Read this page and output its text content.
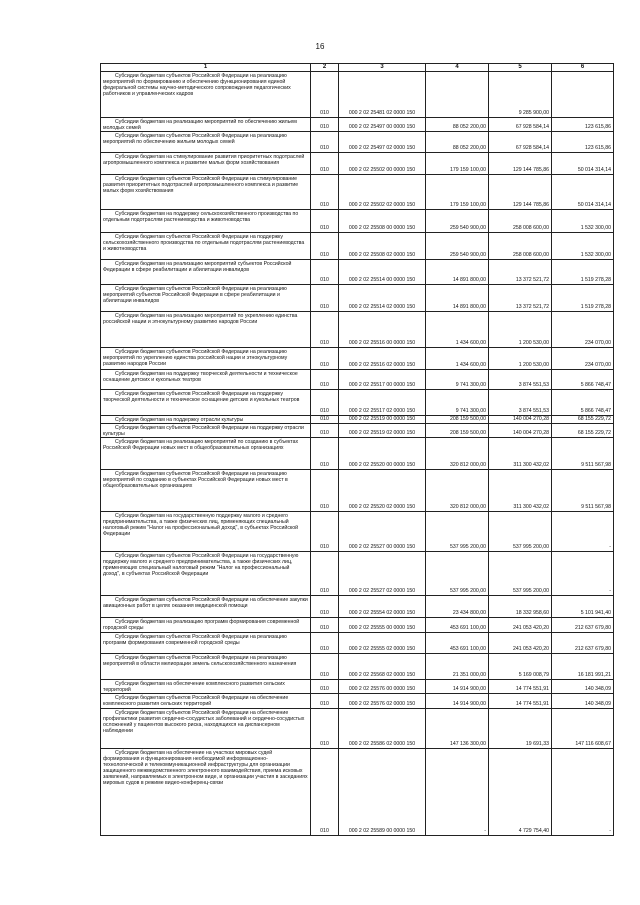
16
1	2	3	4	5	6

Субсидии бюджетам субъектов Российской Федерации на реализацию мероприятий по формированию и обеспечению функционирования единой федеральной системы научно-методического сопровождения педагогических работников и управленческих кадров	010	000 2 02 25481 02 0000 150		9 285 900,00	

Субсидии бюджетам на реализацию мероприятий по обеспечению жильем молодых семей	010	000 2 02 25497 00 0000 150	88 052 200,00	67 928 584,14	123 615,86

Субсидии бюджетам субъектов Российской Федерации на реализацию мероприятий по обеспечению жильем молодых семей	010	000 2 02 25497 02 0000 150	88 052 200,00	67 928 584,14	123 615,86

Субсидии бюджетам на стимулирование развития приоритетных подотраслей агропромышленного комплекса и развитие малых форм хозяйствования	010	000 2 02 25502 00 0000 150	179 159 100,00	129 144 785,86	50 014 314,14

Субсидии бюджетам субъектов Российской Федерации на стимулирование развития приоритетных подотраслей агропромышленного комплекса и развитие малых форм хозяйствования	010	000 2 02 25502 02 0000 150	179 159 100,00	129 144 785,86	50 014 314,14

Субсидии бюджетам на поддержку сельскохозяйственного производства по отдельным подотраслям растениеводства и животноводства	010	000 2 02 25508 00 0000 150	259 540 900,00	258 008 600,00	1 532 300,00

Субсидии бюджетам субъектов Российской Федерации на поддержку сельскохозяйственного производства по отдельным подотраслям растениеводства и животноводства	010	000 2 02 25508 02 0000 150	259 540 900,00	258 008 600,00	1 532 300,00

Субсидии бюджетам на реализацию мероприятий субъектов Российской Федерации в сфере реабилитации и абилитации инвалидов	010	000 2 02 25514 00 0000 150	14 891 800,00	13 372 521,72	1 519 278,28

Субсидии бюджетам субъектов Российской Федерации на реализацию мероприятий субъектов Российской Федерации в сфере реабилитации и абилитации инвалидов	010	000 2 02 25514 02 0000 150	14 891 800,00	13 372 521,72	1 519 278,28

Субсидии бюджетам на реализацию мероприятий по укреплению единства российской нации и этнокультурному развитию народов России	010	000 2 02 25516 00 0000 150	1 434 600,00	1 200 530,00	234 070,00

Субсидии бюджетам субъектов Российской Федерации на реализацию мероприятий по укреплению единства российской нации и этнокультурному развитию народов России	010	000 2 02 25516 02 0000 150	1 434 600,00	1 200 530,00	234 070,00

Субсидии бюджетам на поддержку творческой деятельности и техническое оснащение детских и кукольных театров	010	000 2 02 25517 00 0000 150	9 741 300,00	3 874 551,53	5 866 748,47

Субсидии бюджетам субъектов Российской Федерации на поддержку творческой деятельности и техническое оснащение детских и кукольных театров	010	000 2 02 25517 02 0000 150	9 741 300,00	3 874 551,53	5 866 748,47

Субсидии бюджетам на поддержку отрасли культуры	010	000 2 02 25519 00 0000 150	208 159 500,00	140 004 270,28	68 155 229,72

Субсидии бюджетам субъектов Российской Федерации на поддержку отрасли культуры	010	000 2 02 25519 02 0000 150	208 159 500,00	140 004 270,28	68 155 229,72

Субсидии бюджетам на реализацию мероприятий по созданию в субъектах Российской Федерации новых мест в общеобразовательных организациях	010	000 2 02 25520 00 0000 150	320 812 000,00	311 300 432,02	9 511 567,98

Субсидии бюджетам субъектов Российской Федерации на реализацию мероприятий по созданию в субъектах Российской Федерации новых мест в общеобразовательных организациях	010	000 2 02 25520 02 0000 150	320 812 000,00	311 300 432,02	9 511 567,98

Субсидии бюджетам на государственную поддержку малого и среднего предпринимательства, а также физических лиц, применяющих специальный налоговый режим "Налог на профессиональный доход", в субъектах Российской Федерации	010	000 2 02 25527 00 0000 150	537 995 200,00	537 995 200,00	-

Субсидии бюджетам субъектов Российской Федерации на государственную поддержку малого и среднего предпринимательства, а также физических лиц, применяющих специальный налоговый режим "Налог на профессиональный доход", в субъектах Российской Федерации	010	000 2 02 25527 02 0000 150	537 995 200,00	537 995 200,00	-

Субсидии бюджетам субъектов Российской Федерации на обеспечение закупки авиационных работ в целях оказания медицинской помощи	010	000 2 02 25554 02 0000 150	23 434 800,00	18 332 958,60	5 101 941,40

Субсидии бюджетам на реализацию программ формирования современной городской среды	010	000 2 02 25555 00 0000 150	453 691 100,00	241 053 420,20	212 637 679,80

Субсидии бюджетам субъектов Российской Федерации на реализацию программ формирования современной городской среды	010	000 2 02 25555 02 0000 150	453 691 100,00	241 053 420,20	212 637 679,80

Субсидии бюджетам субъектов Российской Федерации на реализацию мероприятий в области мелиорации земель сельскохозяйственного назначения	010	000 2 02 25568 02 0000 150	21 351 000,00	5 169 008,79	16 181 991,21

Субсидии бюджетам на обеспечение комплексного развития сельских территорий	010	000 2 02 25576 00 0000 150	14 914 900,00	14 774 551,91	140 348,09

Субсидии бюджетам субъектов Российской Федерации на обеспечение комплексного развития сельских территорий	010	000 2 02 25576 02 0000 150	14 914 900,00	14 774 551,91	140 348,09

Субсидии бюджетам субъектов Российской Федерации на обеспечение профилактики развития сердечно-сосудистых заболеваний и сердечно-сосудистых осложнений у пациентов высокого риска, находящихся на диспансерном наблюдении	010	000 2 02 25586 02 0000 150	147 136 300,00	19 691,33	147 116 608,67

Субсидии бюджетам на обеспечение на участках мировых судей формирования и функционирования необходимой информационно-технологической и телекоммуникационной инфраструктуры для организации защищенного межведомственного электронного взаимодействия, приема исковых заявлений, направляемых в электронном виде, и организации участия в заседаниях мировых судов в режиме видео-конференц-связи	010	000 2 02 25589 00 0000 150	-	4 729 754,40	-
